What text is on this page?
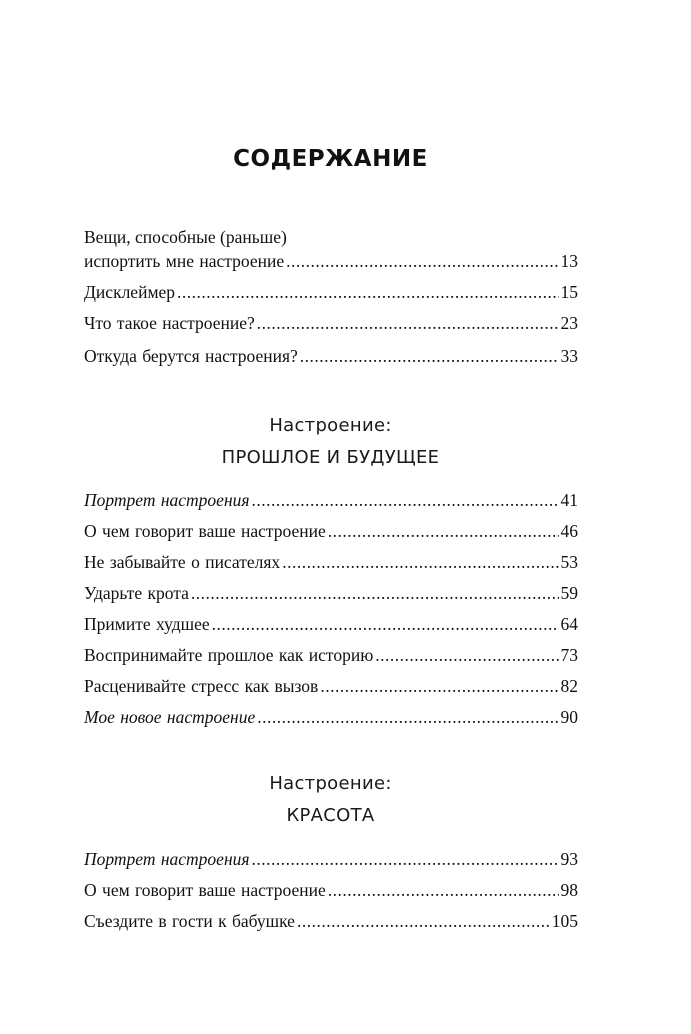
СОДЕРЖАНИЕ
Вещи, способные (раньше)
испортить мне настроение .....	13
Дисклеймер .....	15
Что такое настроение? .....	23
Откуда берутся настроения? .....	33
Настроение:
ПРОШЛОЕ И БУДУЩЕЕ
Портрет настроения .....	41
О чем говорит ваше настроение .....	46
Не забывайте о писателях .....	53
Ударьте крота .....	59
Примите худшее .....	64
Воспринимайте прошлое как историю .....	73
Расценивайте стресс как вызов .....	82
Мое новое настроение .....	90
Настроение:
КРАСОТА
Портрет настроения .....	93
О чем говорит ваше настроение .....	98
Съездите в гости к бабушке .....	105
